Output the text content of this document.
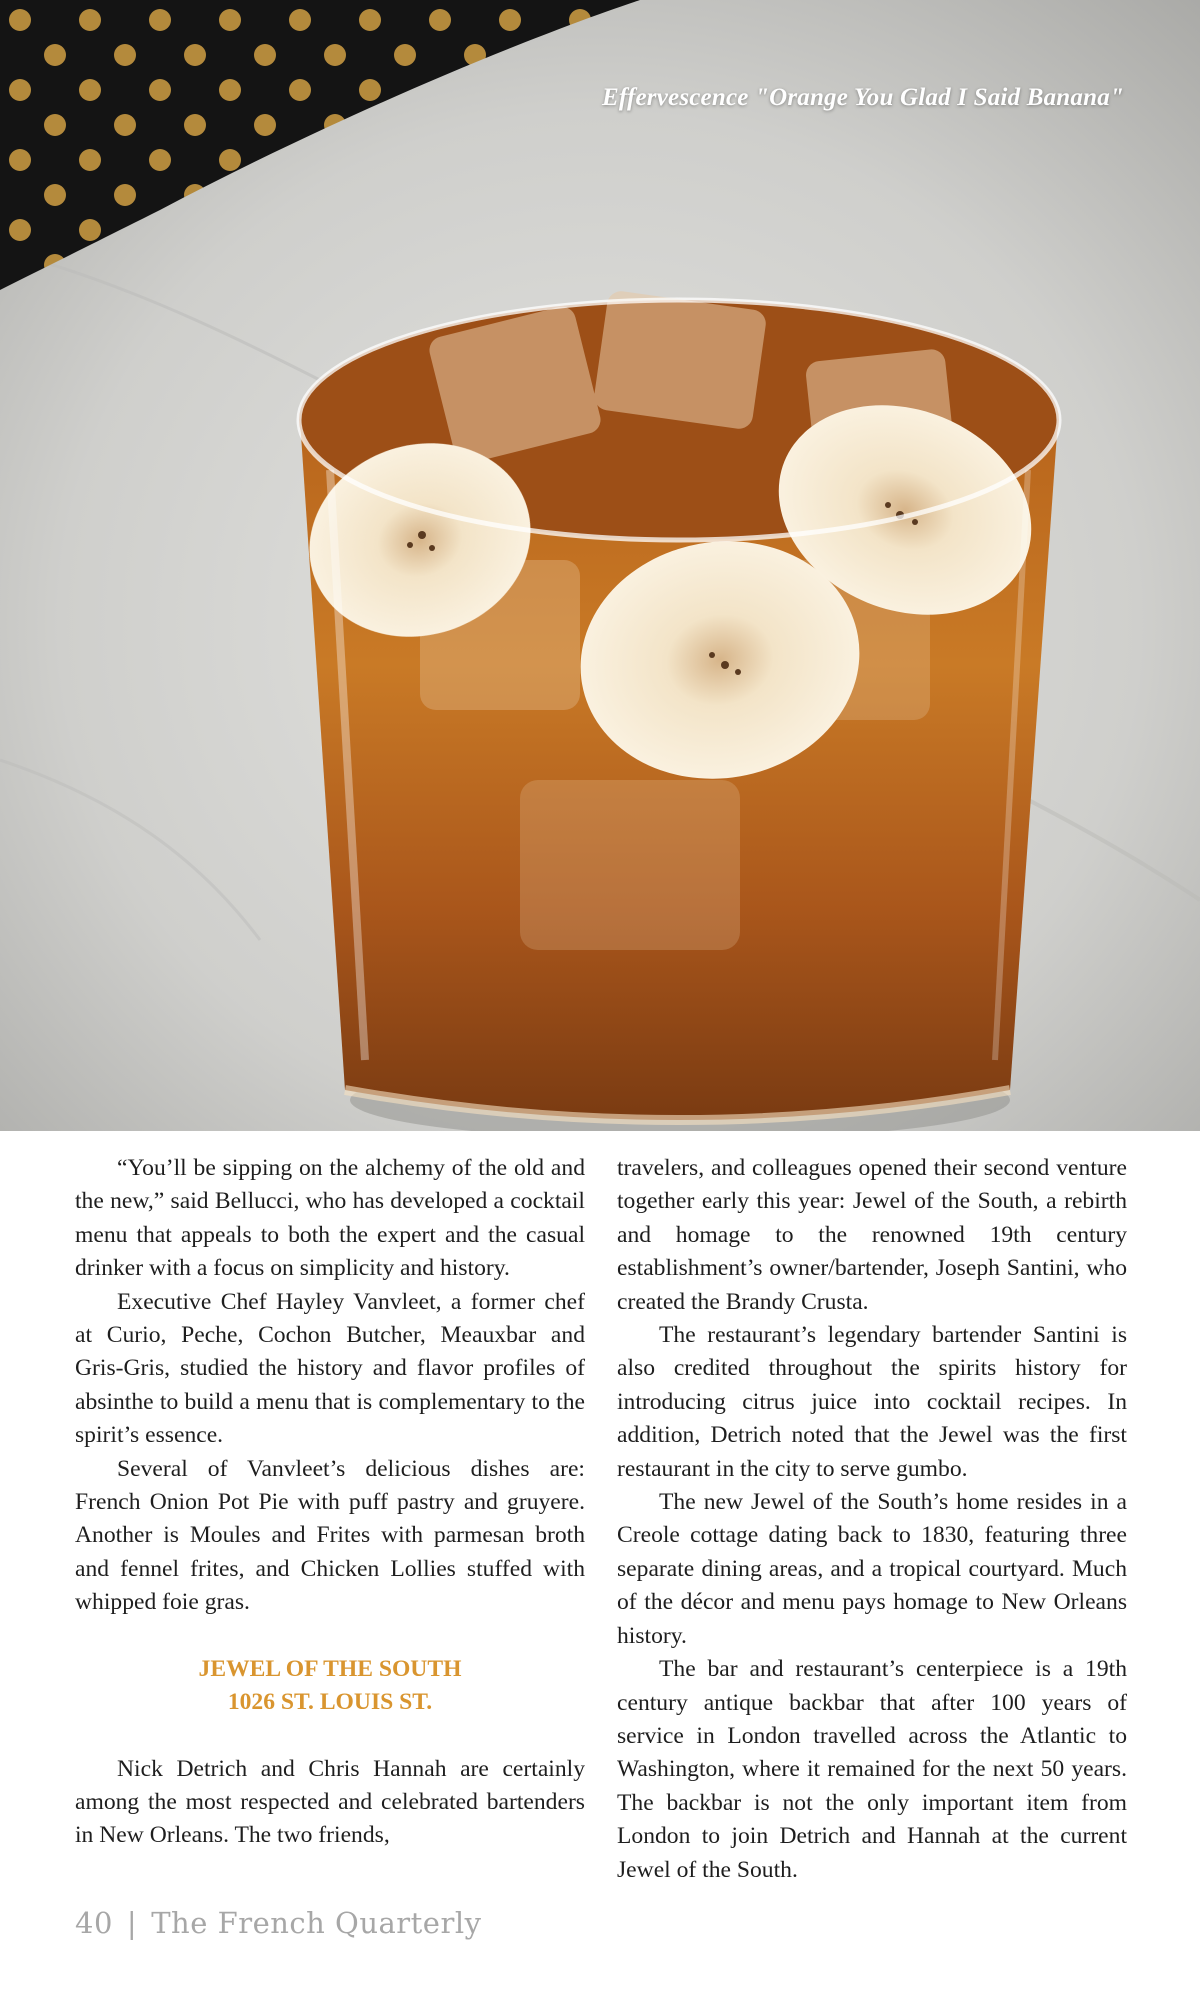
Effervescence "Orange You Glad I Said Banana"

“You’ll be sipping on the alchemy of the old and the new,” said Bellucci, who has developed a cocktail menu that appeals to both the expert and the casual drinker with a focus on simplicity and history.

Executive Chef Hayley Vanvleet, a former chef at Curio, Peche, Cochon Butcher, Meauxbar and Gris-Gris, studied the history and flavor profiles of absinthe to build a menu that is complementary to the spirit’s essence.

Several of Vanvleet’s delicious dishes are: French Onion Pot Pie with puff pastry and gruyere. Another is Moules and Frites with parmesan broth and fennel frites, and Chicken Lollies stuffed with whipped foie gras.

JEWEL OF THE SOUTH
1026 ST. LOUIS ST.

Nick Detrich and Chris Hannah are certainly among the most respected and celebrated bartenders in New Orleans. The two friends,

travelers, and colleagues opened their second venture together early this year: Jewel of the South, a rebirth and homage to the renowned 19th century establishment’s owner/bartender, Joseph Santini, who created the Brandy Crusta.

The restaurant’s legendary bartender Santini is also credited throughout the spirits history for introducing citrus juice into cocktail recipes. In addition, Detrich noted that the Jewel was the first restaurant in the city to serve gumbo.

The new Jewel of the South’s home resides in a Creole cottage dating back to 1830, featuring three separate dining areas, and a tropical courtyard. Much of the décor and menu pays homage to New Orleans history.

The bar and restaurant’s centerpiece is a 19th century antique backbar that after 100 years of service in London travelled across the Atlantic to Washington, where it remained for the next 50 years. The backbar is not the only important item from London to join Detrich and Hannah at the current Jewel of the South.

40 | The French Quarterly
